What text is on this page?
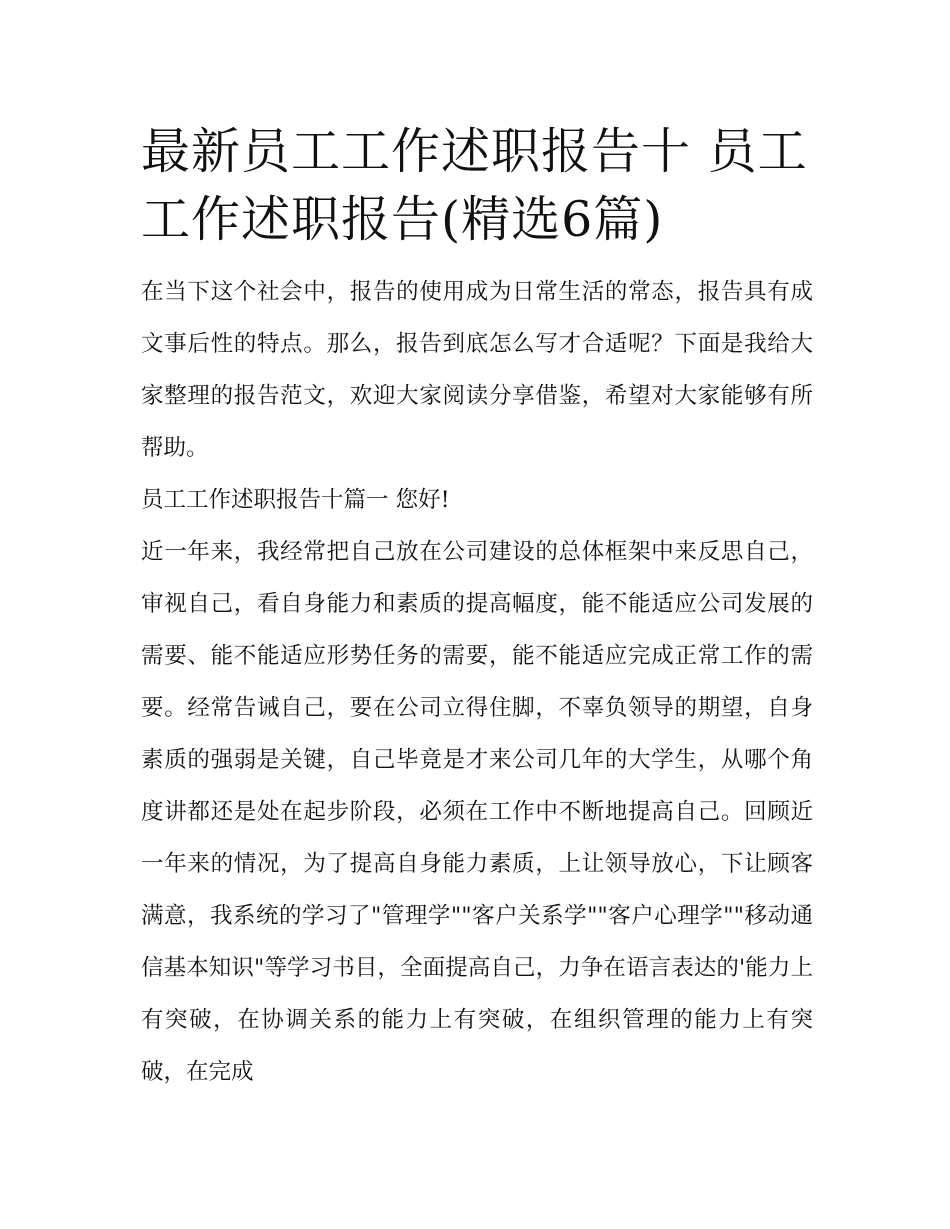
最新员工工作述职报告十 员工工作述职报告(精选6篇)

在当下这个社会中，报告的使用成为日常生活的常态，报告具有成文事后性的特点。那么，报告到底怎么写才合适呢？下面是我给大家整理的报告范文，欢迎大家阅读分享借鉴，希望对大家能够有所帮助。

员工工作述职报告十篇一 您好!

近一年来，我经常把自己放在公司建设的总体框架中来反思自己，审视自己，看自身能力和素质的提高幅度，能不能适应公司发展的需要、能不能适应形势任务的需要，能不能适应完成正常工作的需要。经常告诫自己，要在公司立得住脚，不辜负领导的期望，自身素质的强弱是关键，自己毕竟是才来公司几年的大学生，从哪个角度讲都还是处在起步阶段，必须在工作中不断地提高自己。回顾近一年来的情况，为了提高自身能力素质，上让领导放心，下让顾客满意，我系统的学习了"管理学""客户关系学""客户心理学""移动通信基本知识"等学习书目，全面提高自己，力争在语言表达的'能力上有突破，在协调关系的能力上有突破，在组织管理的能力上有突破，在完成
